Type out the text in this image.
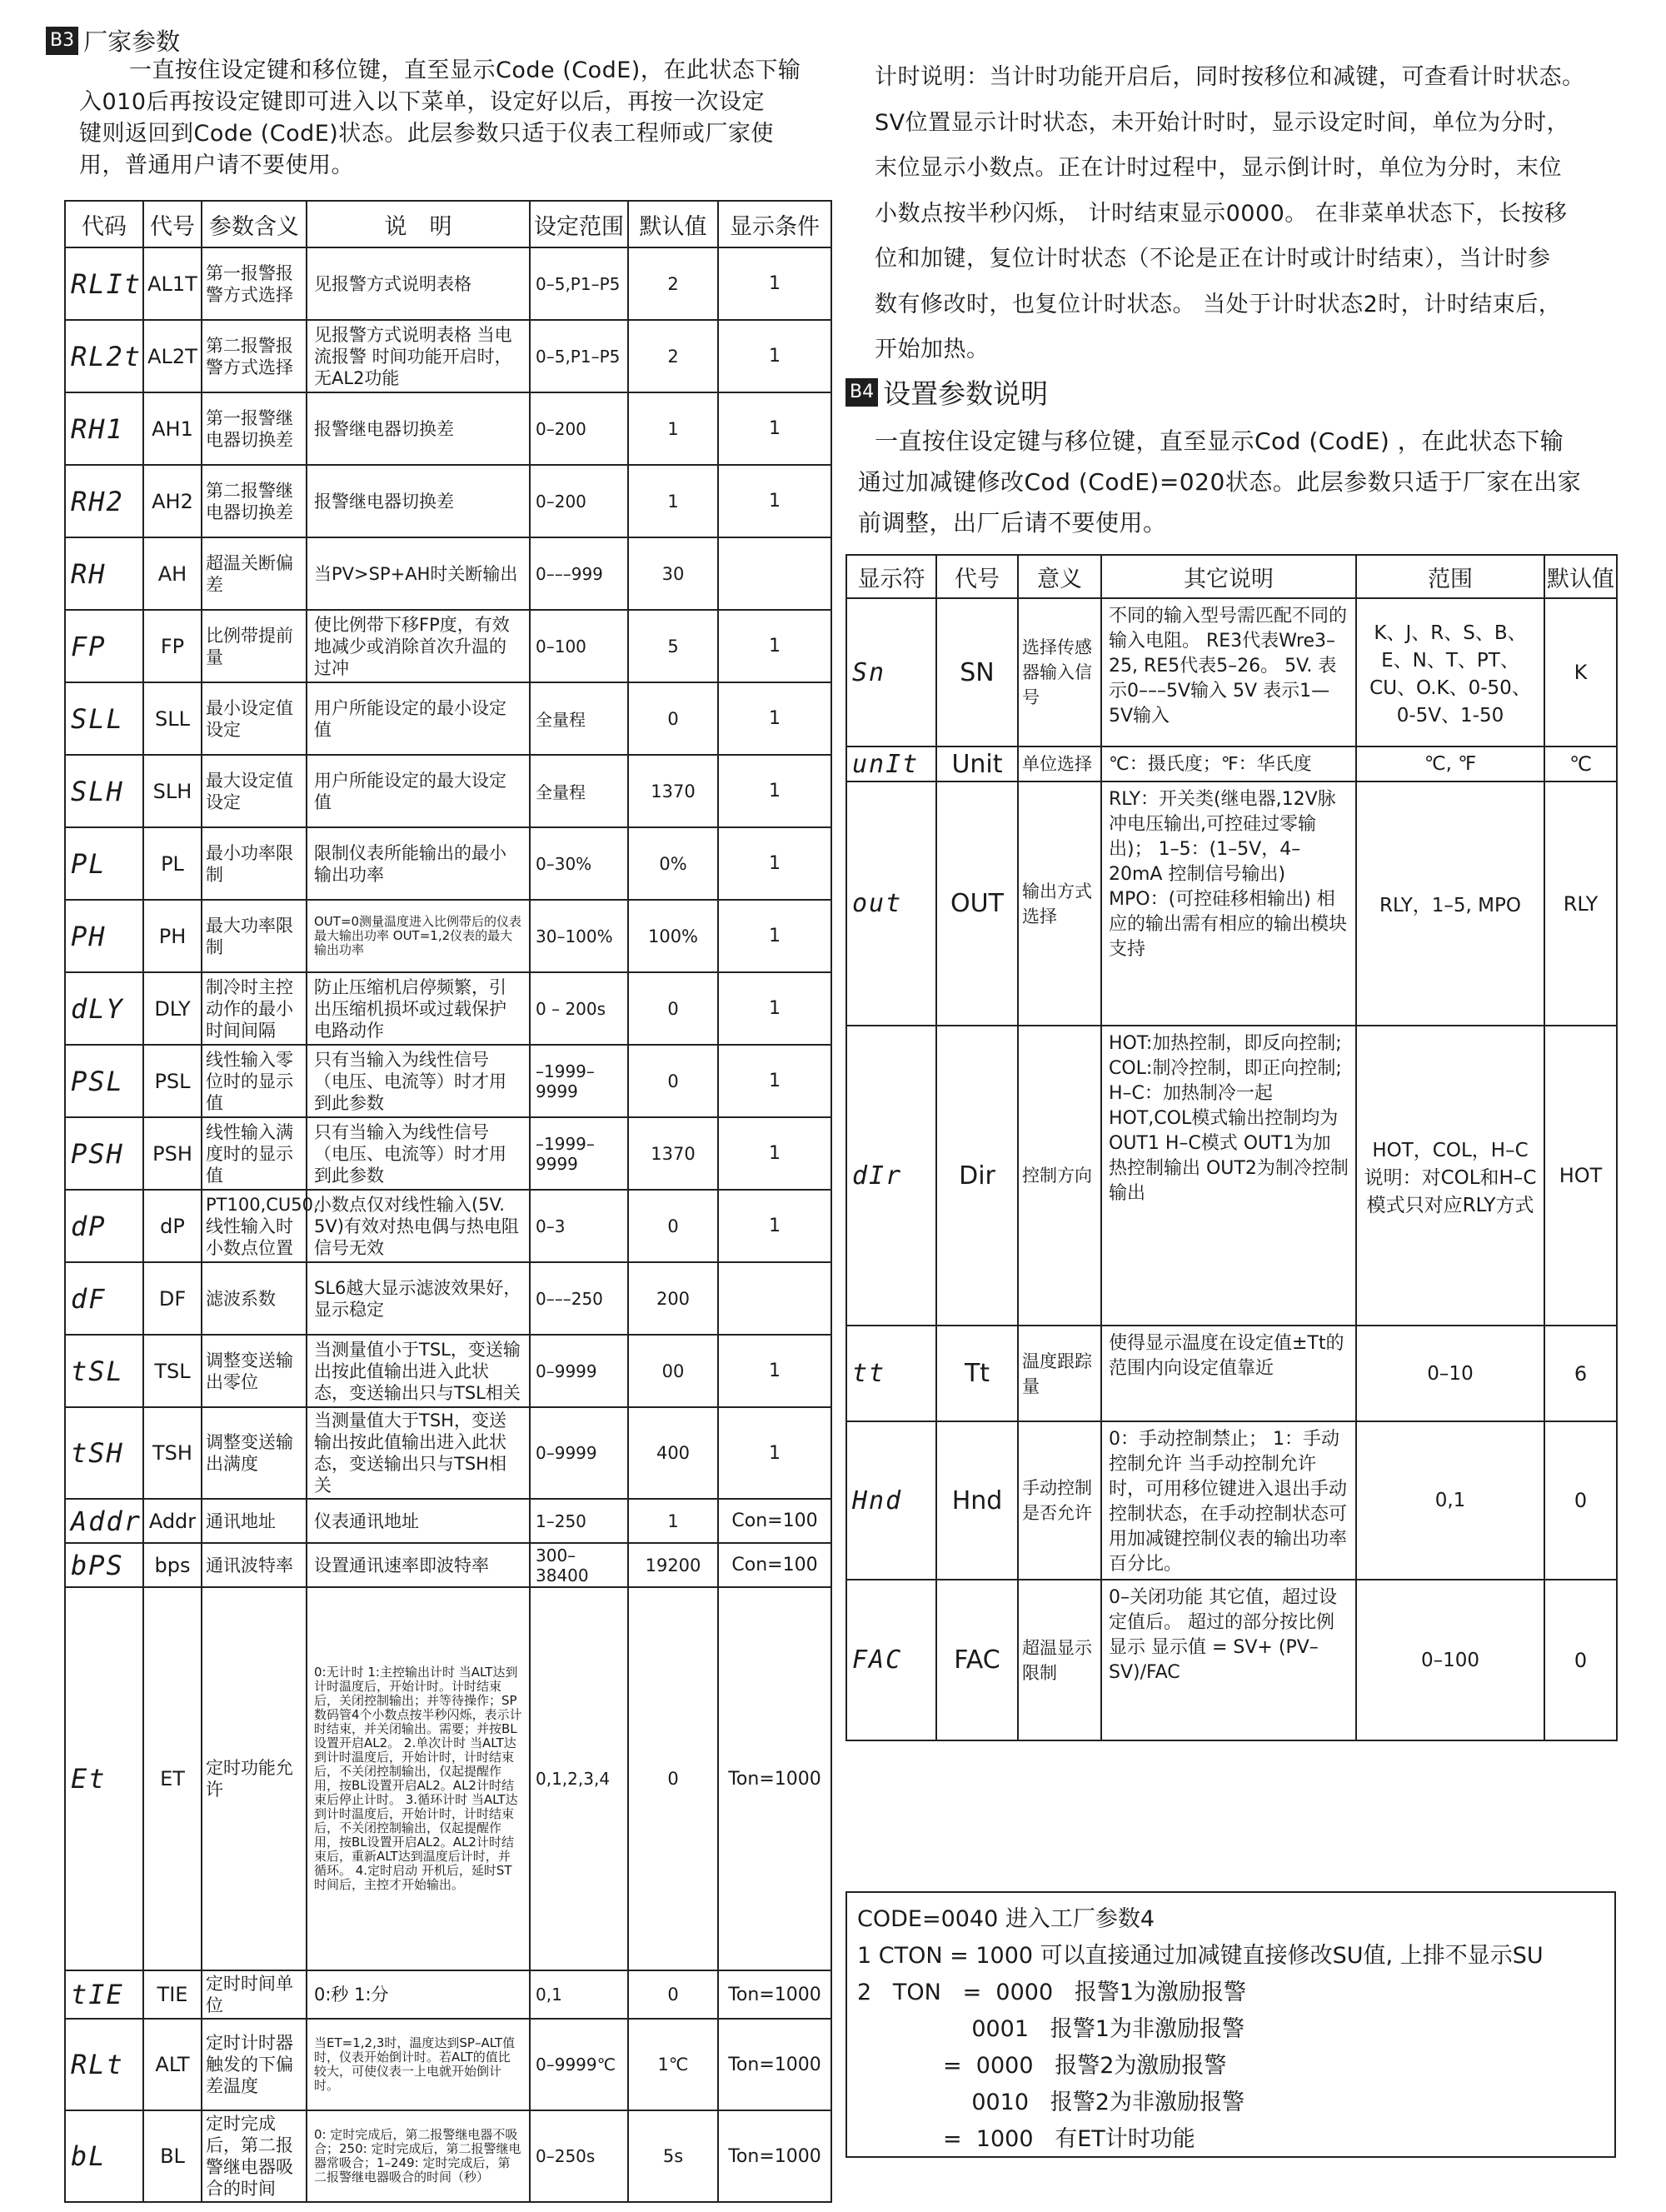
B3 厂家参数
一直按住设定键和移位键，直至显示Code (CodE)，在此状态下输
入010后再按设定键即可进入以下菜单，设定好以后，再按一次设定
键则返回到Code (CodE)状态。此层参数只适于仪表工程师或厂家使
用，普通用户请不要使用。
代码	代号	参数含义	说　明	设定范围	默认值	显示条件
RLIt	AL1T	第一报警报警方式选择	见报警方式说明表格	0–5,P1–P5	2	1
RL2t	AL2T	第二报警报警方式选择	见报警方式说明表格 当电流报警 时间功能开启时，无AL2功能	0–5,P1–P5	2	1
RH1	AH1	第一报警继电器切换差	报警继电器切换差	0–200	1	1
RH2	AH2	第二报警继电器切换差	报警继电器切换差	0–200	1	1
RH	AH	超温关断偏差	当PV>SP+AH时关断输出	0–––999	30	
FP	FP	比例带提前量	使比例带下移FP度，有效地减少或消除首次升温的过冲	0–100	5	1
SLL	SLL	最小设定值设定	用户所能设定的最小设定值	全量程	0	1
SLH	SLH	最大设定值设定	用户所能设定的最大设定值	全量程	1370	1
PL	PL	最小功率限制	限制仪表所能输出的最小输出功率	0–30%	0%	1
PH	PH	最大功率限制	OUT=0测量温度进入比例带后的仪表最大输出功率 OUT=1,2仪表的最大输出功率	30–100%	100%	1
dLY	DLY	制冷时主控动作的最小时间间隔	防止压缩机启停频繁，引出压缩机损坏或过载保护电路动作	0 – 200s	0	1
PSL	PSL	线性输入零位时的显示值	只有当输入为线性信号（电压、电流等）时才用到此参数	–1999–9999	0	1
PSH	PSH	线性输入满度时的显示值	只有当输入为线性信号（电压、电流等）时才用到此参数	–1999–9999	1370	1
dP	dP	PT100,CU50,线性输入时小数点位置	小数点仅对线性输入(5V. 5V)有效对热电偶与热电阻信号无效	0–3	0	1
dF	DF	滤波系数	SL6越大显示滤波效果好，显示稳定	0–––250	200	
tSL	TSL	调整变送输出零位	当测量值小于TSL，变送输出按此值输出进入此状态，变送输出只与TSL相关	0–9999	00	1
tSH	TSH	调整变送输出满度	当测量值大于TSH，变送输出按此值输出进入此状态，变送输出只与TSH相关	0–9999	400	1
Addr	Addr	通讯地址	仪表通讯地址	1–250	1	Con=100
bPS	bps	通讯波特率	设置通讯速率即波特率	300–38400	19200	Con=100
Et	ET	定时功能允许	0:无计时 1:主控输出计时 当ALT达到计时温度后，开始计时。计时结束后，关闭控制输出；并等待操作；SP数码管4个小数点按半秒闪烁，表示计时结束，并关闭输出。需要；并按BL设置开启AL2。 2.单次计时 当ALT达到计时温度后，开始计时，计时结束后，不关闭控制输出，仅起提醒作用，按BL设置开启AL2。AL2计时结束后停止计时。 3.循环计时 当ALT达到计时温度后，开始计时，计时结束后，不关闭控制输出，仅起提醒作用，按BL设置开启AL2。AL2计时结束后，重新ALT达到温度后计时，并循环。 4.定时启动 开机后，延时ST时间后，主控才开始输出。	0,1,2,3,4	0	Ton=1000
tIE	TIE	定时时间单位	0:秒 1:分	0,1	0	Ton=1000
RLt	ALT	定时计时器触发的下偏差温度	当ET=1,2,3时，温度达到SP–ALT值时，仪表开始倒计时。若ALT的值比较大，可使仪表一上电就开始倒计时。	0–9999℃	1℃	Ton=1000
bL	BL	定时完成后，第二报警继电器吸合的时间	0: 定时完成后，第二报警继电器不吸合；250: 定时完成后，第二报警继电器常吸合；1–249: 定时完成后，第二报警继电器吸合的时间（秒）	0–250s	5s	Ton=1000
计时说明：当计时功能开启后，同时按移位和减键，可查看计时状态。
SV位置显示计时状态，未开始计时时，显示设定时间，单位为分时，
末位显示小数点。正在计时过程中，显示倒计时，单位为分时，末位
小数点按半秒闪烁， 计时结束显示0000。 在非菜单状态下，长按移
位和加键，复位计时状态（不论是正在计时或计时结束），当计时参
数有修改时，也复位计时状态。 当处于计时状态2时，计时结束后，
开始加热。
B4 设置参数说明
一直按住设定键与移位键，直至显示Cod (CodE) ，在此状态下输
通过加减键修改Cod (CodE)=020状态。此层参数只适于厂家在出家
前调整，出厂后请不要使用。
显示符	代号	意义	其它说明	范围	默认值
Sn	SN	选择传感器输入信号	不同的输入型号需匹配不同的输入电阻。 RE3代表Wre3–25, RE5代表5–26。 5V. 表示0–––5V输入 5V 表示1—5V输入	K、J、R、S、B、E、N、T、PT、CU、O.K、0-50、0-5V、1-50	K
unIt	Unit	单位选择	℃：摄氏度；℉：华氏度	℃, ℉	℃
out	OUT	输出方式选择	RLY：开关类(继电器,12V脉冲电压输出,可控硅过零输出)； 1–5：(1–5V，4–20mA 控制信号输出) MPO：(可控硅移相输出) 相应的输出需有相应的输出模块支持	RLY，1–5, MPO	RLY
dIr	Dir	控制方向	HOT:加热控制，即反向控制; COL:制冷控制，即正向控制; H–C：加热制冷一起 HOT,COL模式输出控制均为OUT1 H–C模式 OUT1为加热控制输出 OUT2为制冷控制输出	HOT，COL，H–C 说明：对COL和H–C模式只对应RLY方式	HOT
tt	Tt	温度跟踪量	使得显示温度在设定值±Tt的范围内向设定值靠近	0–10	6
Hnd	Hnd	手动控制是否允许	0：手动控制禁止； 1：手动控制允许 当手动控制允许时，可用移位键进入退出手动控制状态，在手动控制状态可用加减键控制仪表的输出功率百分比。	0,1	0
FAC	FAC	超温显示限制	0–关闭功能 其它值，超过设定值后。 超过的部分按比例显示 显示值 = SV+ (PV–SV)/FAC	0–100	0
CODE=0040 进入工厂参数4
1 CTON = 1000 可以直接通过加减键直接修改SU值, 上排不显示SU
2   TON   =  0000   报警1为激励报警
0001   报警1为非激励报警
=  0000   报警2为激励报警
0010   报警2为非激励报警
=  1000   有ET计时功能
